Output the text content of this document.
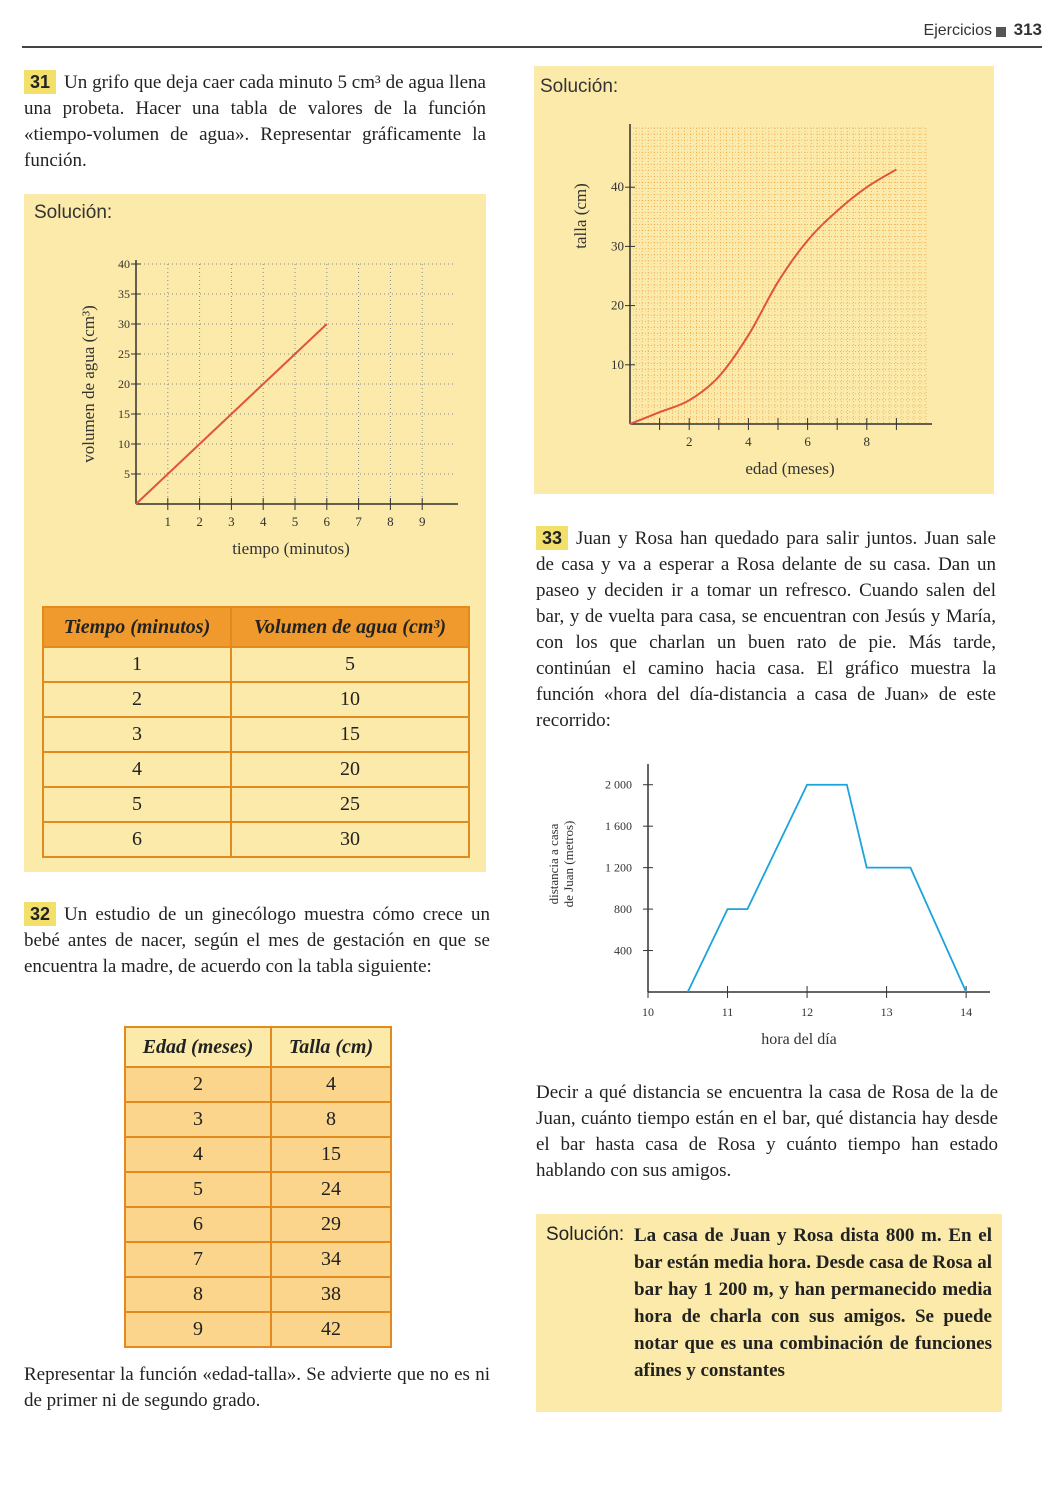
Ejercicios 313
31 Un grifo que deja caer cada minuto 5 cm³ de agua llena una probeta. Hacer una tabla de valores de la función «tiempo-volumen de agua». Representar gráficamente la función.
Solución:
1 2 3 4 5 6 7 8 9
5
10
15
20
25
30
35
40
tiempo (minutos)
volumen de agua (cm³)
Tiempo (minutos)	Volumen de agua (cm³)
1	5
2	10
3	15
4	20
5	25
6	30
32 Un estudio de un ginecólogo muestra cómo crece un bebé antes de nacer, según el mes de gestación en que se encuentra la madre, de acuerdo con la tabla siguiente:
Edad (meses)	Talla (cm)
2	4
3	8
4	15
5	24
6	29
7	34
8	38
9	42
Representar la función «edad-talla». Se advierte que no es ni de primer ni de segundo grado.
Solución:
2	4	6	8
10
20
30
40
edad (meses)
talla (cm)
33 Juan y Rosa han quedado para salir juntos. Juan sale de casa y va a esperar a Rosa delante de su casa. Dan un paseo y deciden ir a tomar un refresco. Cuando salen del bar, y de vuelta para casa, se encuentran con Jesús y María, con los que charlan un buen rato de pie. Más tarde, continúan el camino hacia casa. El gráfico muestra la función «hora del día-distancia a casa de Juan» de este recorrido:
10	11	12	13	14
400
800
1 200
1 600
2 000
hora del día
distancia a casa de Juan (metros)
Decir a qué distancia se encuentra la casa de Rosa de la de Juan, cuánto tiempo están en el bar, qué distancia hay desde el bar hasta casa de Rosa y cuánto tiempo han estado hablando con sus amigos.
Solución: La casa de Juan y Rosa dista 800 m. En el bar están media hora. Desde casa de Rosa al bar hay 1 200 m, y han permanecido media hora de charla con sus amigos. Se puede notar que es una combinación de funciones afines y constantes
